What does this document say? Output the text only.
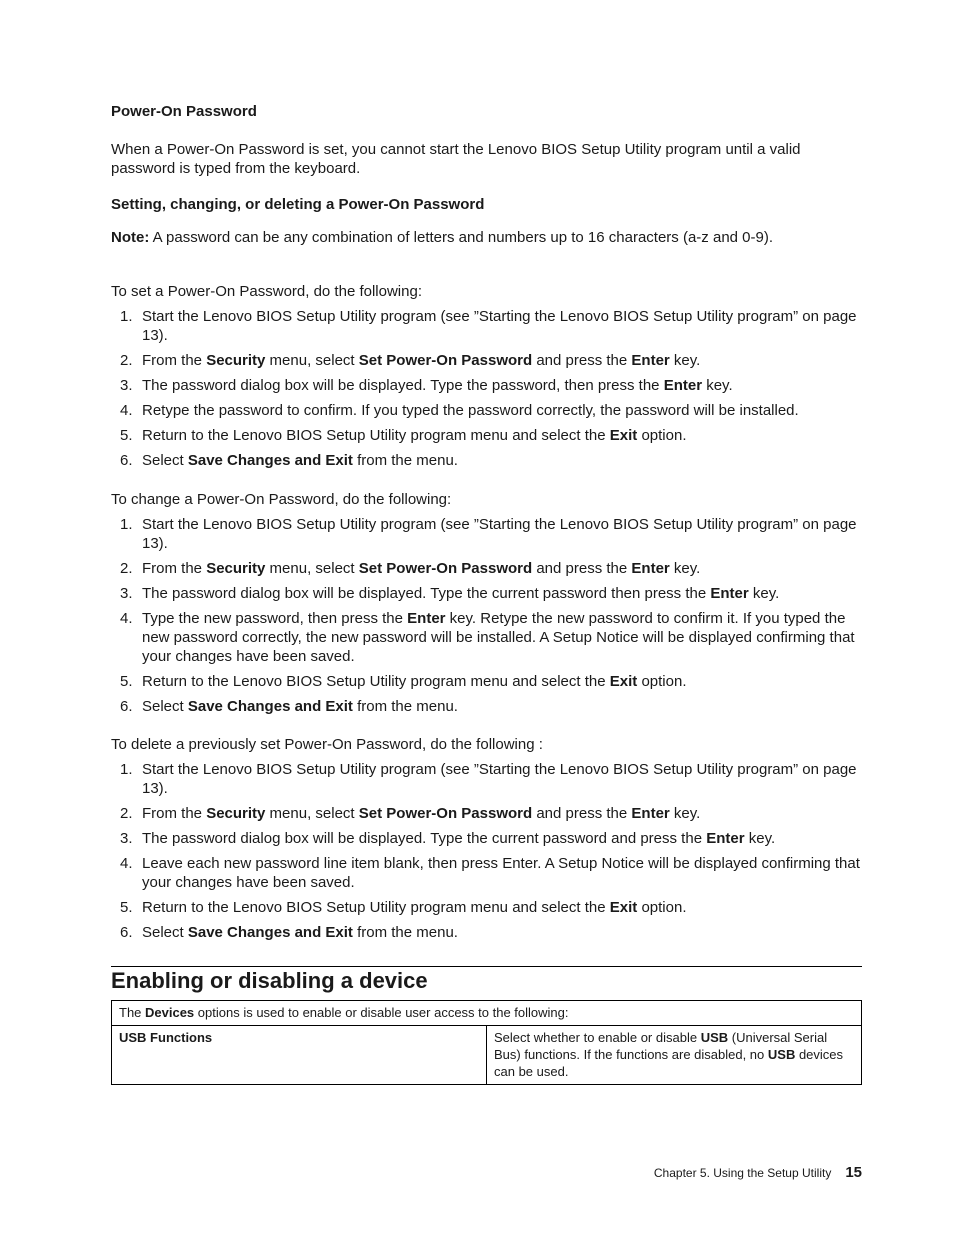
Power-On Password

When a Power-On Password is set, you cannot start the Lenovo BIOS Setup Utility program until a valid password is typed from the keyboard.

Setting, changing, or deleting a Power-On Password

Note: A password can be any combination of letters and numbers up to 16 characters (a-z and 0-9).

To set a Power-On Password, do the following:

1. Start the Lenovo BIOS Setup Utility program (see ”Starting the Lenovo BIOS Setup Utility program” on page 13).
2. From the Security menu, select Set Power-On Password and press the Enter key.
3. The password dialog box will be displayed. Type the password, then press the Enter key.
4. Retype the password to confirm. If you typed the password correctly, the password will be installed.
5. Return to the Lenovo BIOS Setup Utility program menu and select the Exit option.
6. Select Save Changes and Exit from the menu.

To change a Power-On Password, do the following:

1. Start the Lenovo BIOS Setup Utility program (see ”Starting the Lenovo BIOS Setup Utility program” on page 13).
2. From the Security menu, select Set Power-On Password and press the Enter key.
3. The password dialog box will be displayed. Type the current password then press the Enter key.
4. Type the new password, then press the Enter key. Retype the new password to confirm it. If you typed the new password correctly, the new password will be installed. A Setup Notice will be displayed confirming that your changes have been saved.
5. Return to the Lenovo BIOS Setup Utility program menu and select the Exit option.
6. Select Save Changes and Exit from the menu.

To delete a previously set Power-On Password, do the following :

1. Start the Lenovo BIOS Setup Utility program (see ”Starting the Lenovo BIOS Setup Utility program” on page 13).
2. From the Security menu, select Set Power-On Password and press the Enter key.
3. The password dialog box will be displayed. Type the current password and press the Enter key.
4. Leave each new password line item blank, then press Enter. A Setup Notice will be displayed confirming that your changes have been saved.
5. Return to the Lenovo BIOS Setup Utility program menu and select the Exit option.
6. Select Save Changes and Exit from the menu.
Enabling or disabling a device
The Devices options is used to enable or disable user access to the following:
USB Functions	Select whether to enable or disable USB (Universal Serial Bus) functions. If the functions are disabled, no USB devices can be used.
Chapter 5. Using the Setup Utility 15
